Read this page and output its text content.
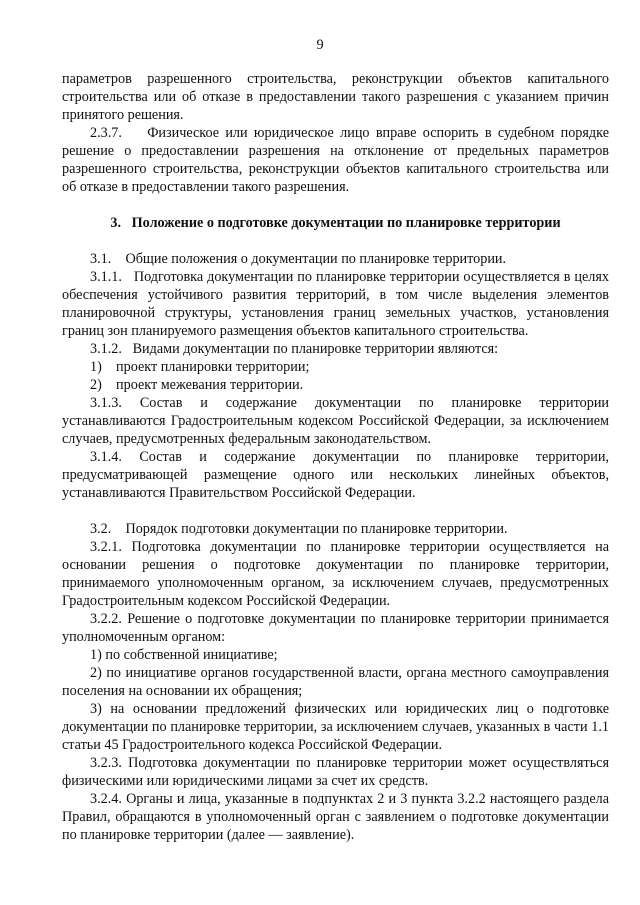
9

параметров разрешенного строительства, реконструкции объектов капитального строительства или об отказе в предоставлении такого разрешения с указанием причин принятого решения.

2.3.7.    Физическое или юридическое лицо вправе оспорить в судебном порядке решение о предоставлении разрешения на отклонение от предельных параметров разрешенного строительства, реконструкции объектов капитального строительства или об отказе в предоставлении такого разрешения.

3.   Положение о подготовке документации по планировке территории

3.1.    Общие положения о документации по планировке территории.

3.1.1.   Подготовка документации по планировке территории осуществляется в целях обеспечения устойчивого развития территорий, в том числе выделения элементов планировочной структуры, установления границ земельных участков, установления границ зон планируемого размещения объектов капитального строительства.

3.1.2.   Видами документации по планировке территории являются:

1)    проект планировки территории;

2)    проект межевания территории.

3.1.3. Состав и содержание документации по планировке территории устанавливаются Градостроительным кодексом Российской Федерации, за исключением случаев, предусмотренных федеральным законодательством.

3.1.4. Состав и содержание документации по планировке территории, предусматривающей размещение одного или нескольких линейных объектов, устанавливаются Правительством Российской Федерации.

3.2.    Порядок подготовки документации по планировке территории.

3.2.1. Подготовка документации по планировке территории осуществляется на основании решения о подготовке документации по планировке территории, принимаемого уполномоченным органом, за исключением случаев, предусмотренных Градостроительным кодексом Российской Федерации.

3.2.2. Решение о подготовке документации по планировке территории принимается уполномоченным органом:

1) по собственной инициативе;

2) по инициативе органов государственной власти, органа местного самоуправления поселения на основании их обращения;

3) на основании предложений физических или юридических лиц о подготовке документации по планировке территории, за исключением случаев, указанных в части 1.1 статьи 45 Градостроительного кодекса Российской Федерации.

3.2.3. Подготовка документации по планировке территории может осуществляться физическими или юридическими лицами за счет их средств.

3.2.4. Органы и лица, указанные в подпунктах 2 и 3 пункта 3.2.2 настоящего раздела Правил, обращаются в уполномоченный орган с заявлением о подготовке документации по планировке территории (далее — заявление).
